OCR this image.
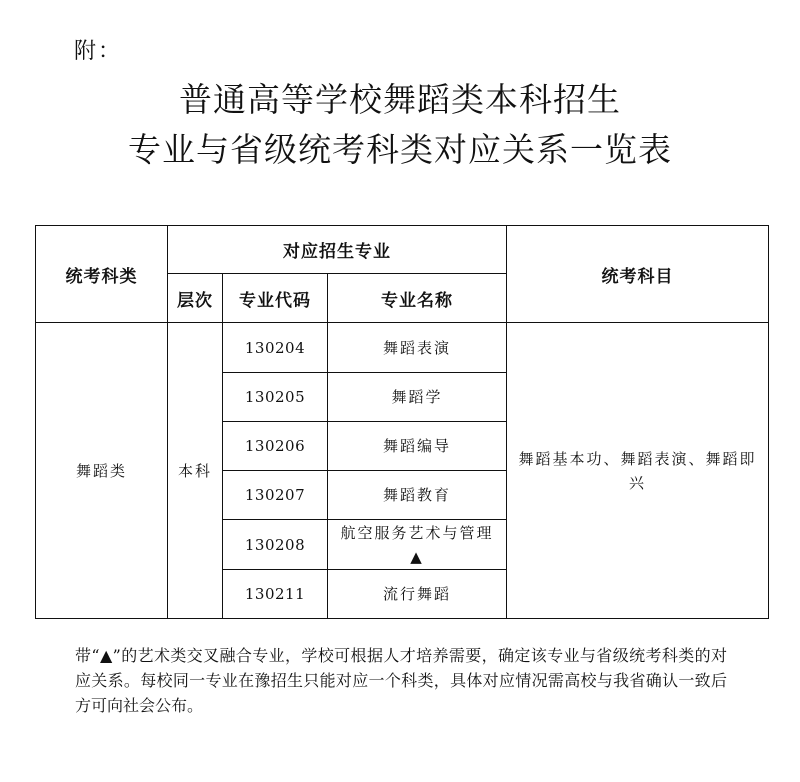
附：
普通高等学校舞蹈类本科招生
专业与省级统考科类对应关系一览表
统考科类	对应招生专业			统考科目
	层次	专业代码	专业名称	
舞蹈类	本科	130204	舞蹈表演	舞蹈基本功、舞蹈表演、舞蹈即兴
		130205	舞蹈学	
		130206	舞蹈编导	
		130207	舞蹈教育	
		130208	航空服务艺术与管理▲	
		130211	流行舞蹈	
带“▲”的艺术类交叉融合专业，学校可根据人才培养需要，确定该专业与省级统考科类的对应关系。每校同一专业在豫招生只能对应一个科类，具体对应情况需高校与我省确认一致后方可向社会公布。
